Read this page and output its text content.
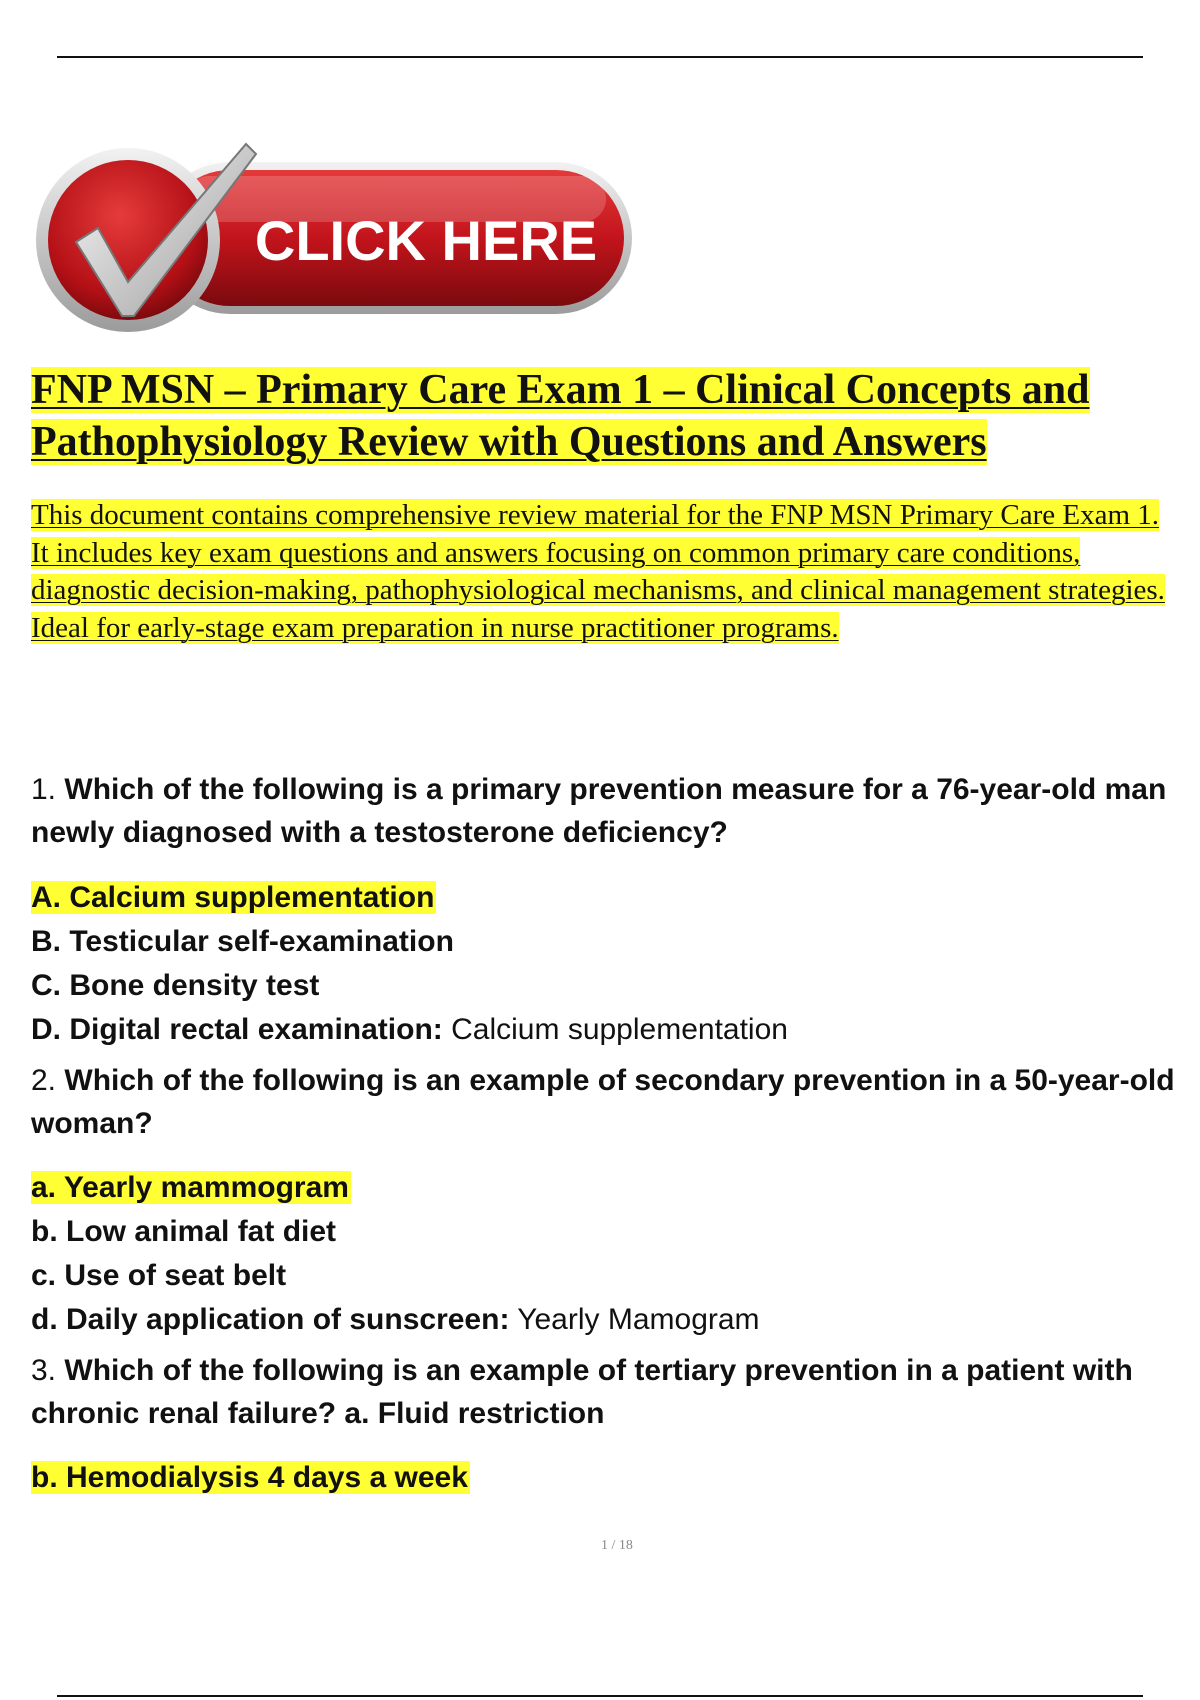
CLICK HERE

FNP MSN – Primary Care Exam 1 – Clinical Concepts and Pathophysiology Review with Questions and Answers

This document contains comprehensive review material for the FNP MSN Primary Care Exam 1. It includes key exam questions and answers focusing on common primary care conditions, diagnostic decision-making, pathophysiological mechanisms, and clinical management strategies. Ideal for early-stage exam preparation in nurse practitioner programs.

1. Which of the following is a primary prevention measure for a 76-year-old man newly diagnosed with a testosterone deficiency?
A. Calcium supplementation
B. Testicular self-examination
C. Bone density test
D. Digital rectal examination: Calcium supplementation
2. Which of the following is an example of secondary prevention in a 50-year-old woman?
a. Yearly mammogram
b. Low animal fat diet
c. Use of seat belt
d. Daily application of sunscreen: Yearly Mamogram
3. Which of the following is an example of tertiary prevention in a patient with chronic renal failure? a. Fluid restriction
b. Hemodialysis 4 days a week
1 / 18
